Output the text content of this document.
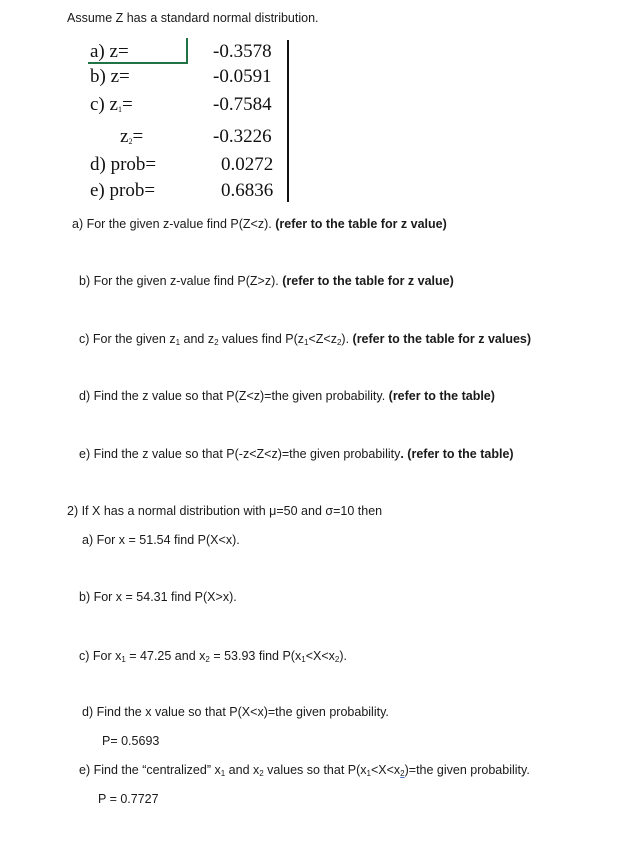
Assume Z has a standard normal distribution.
a) z=	-0.3578
b) z=	-0.0591
c) $z_1=$	-0.7584
$z_2=$	-0.3226
d) prob=	0.0272
e) prob=	0.6836
a) For the given z-value find P(Z<z). (refer to the table for z value)
b) For the given z-value find P(Z>z). (refer to the table for z value)
c) For the given $z_1$ and $z_2$ values find $P(z_1<Z<z_2)$. (refer to the table for z values)
d) Find the z value so that P(Z<z)=the given probability. (refer to the table)
e) Find the z value so that P(-z<Z<z)=the given probability. (refer to the table)
2) If X has a normal distribution with μ=50 and σ=10 then
a) For x = 51.54 find P(X<x).
b) For x = 54.31 find P(X>x).
c) For $x_1 = 47.25$ and $x_2 = 53.93$ find $P(x_1<X<x_2)$.
d) Find the x value so that P(X<x)=the given probability.
P= 0.5693
e) Find the “centralized” $x_1$ and $x_2$ values so that $P(x_1<X<x_2)=the$ given probability.
P = 0.7727
